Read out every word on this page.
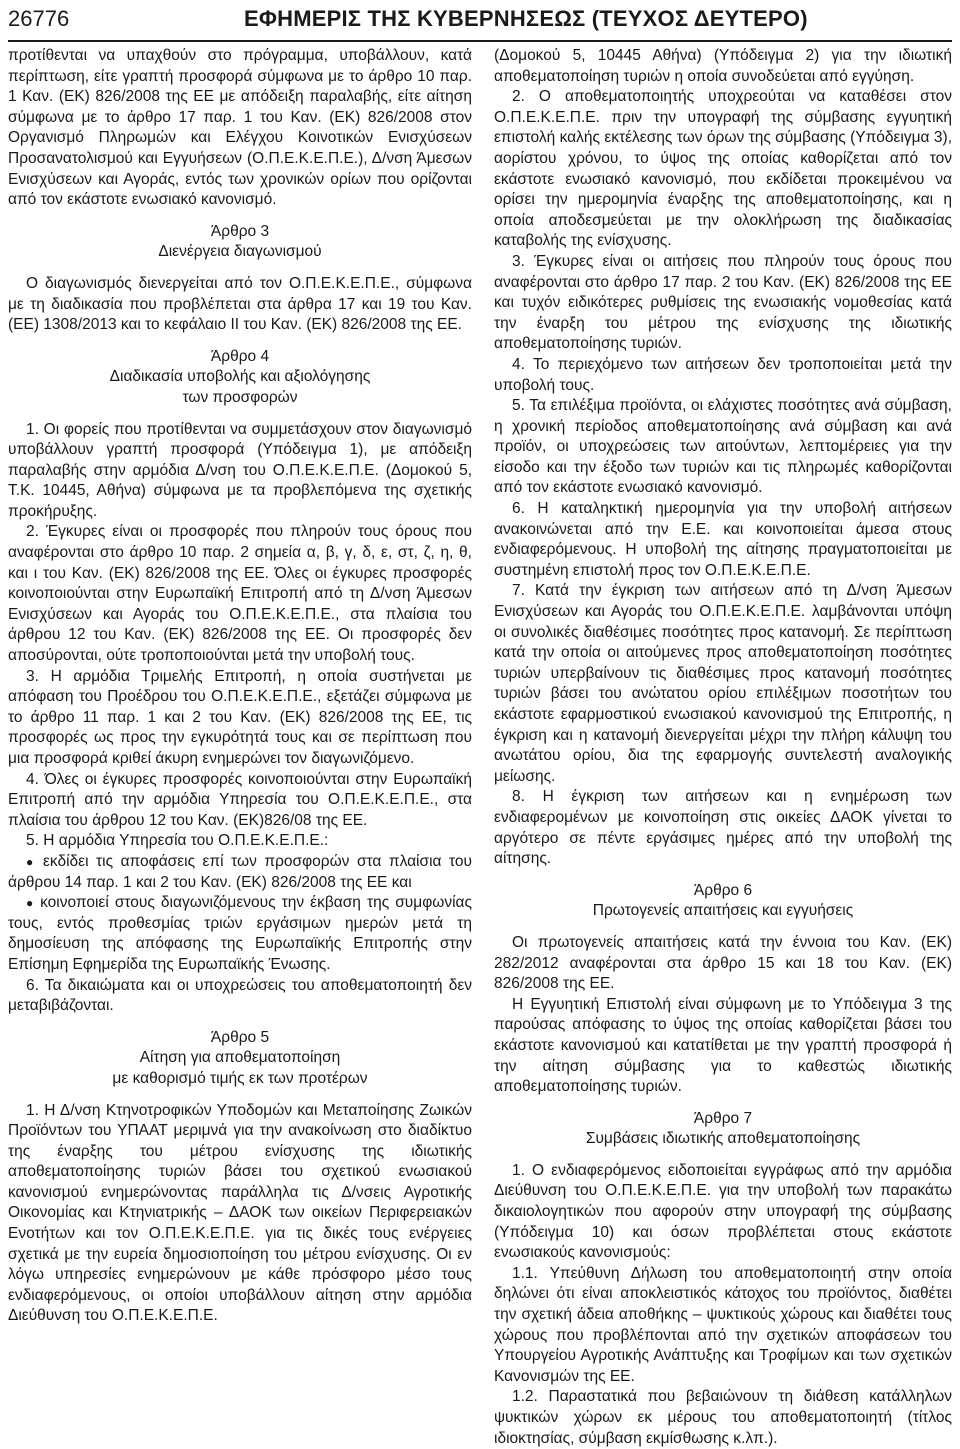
26776	ΕΦΗΜΕΡΙΣ ΤΗΣ ΚΥΒΕΡΝΗΣΕΩΣ (ΤΕΥΧΟΣ ΔΕΥΤΕΡΟ)

προτίθενται να υπαχθούν στο πρόγραμμα, υποβάλλουν, κατά περίπτωση, είτε γραπτή προσφορά σύμφωνα με το άρθρο 10 παρ. 1 Καν. (ΕΚ) 826/2008 της ΕΕ με απόδειξη παραλαβής, είτε αίτηση σύμφωνα με το άρθρο 17 παρ. 1 του Καν. (ΕΚ) 826/2008 στον Οργανισμό Πληρωμών και Ελέγχου Κοινοτικών Ενισχύσεων Προσανατολισμού και Εγγυήσεων (Ο.Π.Ε.Κ.Ε.Π.Ε.), Δ/νση Άμεσων Ενισχύσεων και Αγοράς, εντός των χρονικών ορίων που ορίζονται από τον εκάστοτε ενωσιακό κανονισμό.

Άρθρο 3

Διενέργεια διαγωνισμού

Ο διαγωνισμός διενεργείται από τον Ο.Π.Ε.Κ.Ε.Π.Ε., σύμφωνα με τη διαδικασία που προβλέπεται στα άρθρα 17 και 19 του Καν. (ΕΕ) 1308/2013 και το κεφάλαιο II του Καν. (ΕΚ) 826/2008 της ΕΕ.

Άρθρο 4

Διαδικασία υποβολής και αξιολόγησης

των προσφορών

1. Οι φορείς που προτίθενται να συμμετάσχουν στον διαγωνισμό υποβάλλουν γραπτή προσφορά (Υπόδειγμα 1), με απόδειξη παραλαβής στην αρμόδια Δ/νση του Ο.Π.Ε.Κ.Ε.Π.Ε. (Δομοκού 5, Τ.Κ. 10445, Αθήνα) σύμφωνα με τα προβλεπόμενα της σχετικής προκήρυξης.

2. Έγκυρες είναι οι προσφορές που πληρούν τους όρους που αναφέρονται στο άρθρο 10 παρ. 2 σημεία α, β, γ, δ, ε, στ, ζ, η, θ, και ι του Καν. (ΕΚ) 826/2008 της ΕΕ. Όλες οι έγκυρες προσφορές κοινοποιούνται στην Ευρωπαϊκή Επιτροπή από τη Δ/νση Άμεσων Ενισχύσεων και Αγοράς του Ο.Π.Ε.Κ.Ε.Π.Ε., στα πλαίσια του άρθρου 12 του Καν. (ΕΚ) 826/2008 της ΕΕ. Οι προσφορές δεν αποσύρονται, ούτε τροποποιούνται μετά την υποβολή τους.

3. Η αρμόδια Τριμελής Επιτροπή, η οποία συστήνεται με απόφαση του Προέδρου του Ο.Π.Ε.Κ.Ε.Π.Ε., εξετάζει σύμφωνα με το άρθρο 11 παρ. 1 και 2 του Καν. (ΕΚ) 826/2008 της ΕΕ, τις προσφορές ως προς την εγκυρότητά τους και σε περίπτωση που μια προσφορά κριθεί άκυρη ενημερώνει τον διαγωνιζόμενο.

4. Όλες οι έγκυρες προσφορές κοινοποιούνται στην Ευρωπαϊκή Επιτροπή από την αρμόδια Υπηρεσία του Ο.Π.Ε.Κ.Ε.Π.Ε., στα πλαίσια του άρθρου 12 του Καν. (ΕΚ)826/08 της ΕΕ.

5. Η αρμόδια Υπηρεσία του Ο.Π.Ε.Κ.Ε.Π.Ε.:

● εκδίδει τις αποφάσεις επί των προσφορών στα πλαίσια του άρθρου 14 παρ. 1 και 2 του Καν. (ΕΚ) 826/2008 της ΕΕ και

● κοινοποιεί στους διαγωνιζόμενους την έκβαση της συμφωνίας τους, εντός προθεσμίας τριών εργάσιμων ημερών μετά τη δημοσίευση της απόφασης της Ευρωπαϊκής Επιτροπής στην Επίσημη Εφημερίδα της Ευρωπαϊκής Ένωσης.

6. Τα δικαιώματα και οι υποχρεώσεις του αποθεματοποιητή δεν μεταβιβάζονται.

Άρθρο 5

Αίτηση για αποθεματοποίηση

με καθορισμό τιμής εκ των προτέρων

1. Η Δ/νση Κτηνοτροφικών Υποδομών και Μεταποίησης Ζωικών Προϊόντων του ΥΠΑΑΤ μεριμνά για την ανακοίνωση στο διαδίκτυο της έναρξης του μέτρου ενίσχυσης της ιδιωτικής αποθεματοποίησης τυριών βάσει του σχετικού ενωσιακού κανονισμού ενημερώνοντας παράλληλα τις Δ/νσεις Αγροτικής Οικονομίας και Κτηνιατρικής – ΔΑΟΚ των οικείων Περιφερειακών Ενοτήτων και τον Ο.Π.Ε.Κ.Ε.Π.Ε. για τις δικές τους ενέργειες σχετικά με την ευρεία δημοσιοποίηση του μέτρου ενίσχυσης. Οι εν λόγω υπηρεσίες ενημερώνουν με κάθε πρόσφορο μέσο τους ενδιαφερόμενους, οι οποίοι υποβάλλουν αίτηση στην αρμόδια Διεύθυνση του Ο.Π.Ε.Κ.Ε.Π.Ε.

(Δομοκού 5, 10445 Αθήνα) (Υπόδειγμα 2) για την ιδιωτική αποθεματοποίηση τυριών η οποία συνοδεύεται από εγγύηση.

2. Ο αποθεματοποιητής υποχρεούται να καταθέσει στον Ο.Π.Ε.Κ.Ε.Π.Ε. πριν την υπογραφή της σύμβασης εγγυητική επιστολή καλής εκτέλεσης των όρων της σύμβασης (Υπόδειγμα 3), αορίστου χρόνου, το ύψος της οποίας καθορίζεται από τον εκάστοτε ενωσιακό κανονισμό, που εκδίδεται προκειμένου να ορίσει την ημερομηνία έναρξης της αποθεματοποίησης, και η οποία αποδεσμεύεται με την ολοκλήρωση της διαδικασίας καταβολής της ενίσχυσης.

3. Έγκυρες είναι οι αιτήσεις που πληρούν τους όρους που αναφέρονται στο άρθρο 17 παρ. 2 του Καν. (ΕΚ) 826/2008 της ΕΕ και τυχόν ειδικότερες ρυθμίσεις της ενωσιακής νομοθεσίας κατά την έναρξη του μέτρου της ενίσχυσης της ιδιωτικής αποθεματοποίησης τυριών.

4. Το περιεχόμενο των αιτήσεων δεν τροποποιείται μετά την υποβολή τους.

5. Τα επιλέξιμα προϊόντα, οι ελάχιστες ποσότητες ανά σύμβαση, η χρονική περίοδος αποθεματοποίησης ανά σύμβαση και ανά προϊόν, οι υποχρεώσεις των αιτούντων, λεπτομέρειες για την είσοδο και την έξοδο των τυριών και τις πληρωμές καθορίζονται από τον εκάστοτε ενωσιακό κανονισμό.

6. Η καταληκτική ημερομηνία για την υποβολή αιτήσεων ανακοινώνεται από την Ε.Ε. και κοινοποιείται άμεσα στους ενδιαφερόμενους. Η υποβολή της αίτησης πραγματοποιείται με συστημένη επιστολή προς τον Ο.Π.Ε.Κ.Ε.Π.Ε.

7. Κατά την έγκριση των αιτήσεων από τη Δ/νση Άμεσων Ενισχύσεων και Αγοράς του Ο.Π.Ε.Κ.Ε.Π.Ε. λαμβάνονται υπόψη οι συνολικές διαθέσιμες ποσότητες προς κατανομή. Σε περίπτωση κατά την οποία οι αιτούμενες προς αποθεματοποίηση ποσότητες τυριών υπερβαίνουν τις διαθέσιμες προς κατανομή ποσότητες τυριών βάσει του ανώτατου ορίου επιλέξιμων ποσοτήτων του εκάστοτε εφαρμοστικού ενωσιακού κανονισμού της Επιτροπής, η έγκριση και η κατανομή διενεργείται μέχρι την πλήρη κάλυψη του ανωτάτου ορίου, δια της εφαρμογής συντελεστή αναλογικής μείωσης.

8. Η έγκριση των αιτήσεων και η ενημέρωση των ενδιαφερομένων με κοινοποίηση στις οικείες ΔΑΟΚ γίνεται το αργότερο σε πέντε εργάσιμες ημέρες από την υποβολή της αίτησης.

Άρθρο 6

Πρωτογενείς απαιτήσεις και εγγυήσεις

Οι πρωτογενείς απαιτήσεις κατά την έννοια του Καν. (ΕΚ) 282/2012 αναφέρονται στα άρθρο 15 και 18 του Καν. (ΕΚ) 826/2008 της ΕΕ.

Η Εγγυητική Επιστολή είναι σύμφωνη με το Υπόδειγμα 3 της παρούσας απόφασης το ύψος της οποίας καθορίζεται βάσει του εκάστοτε κανονισμού και κατατίθεται με την γραπτή προσφορά ή την αίτηση σύμβασης για το καθεστώς ιδιωτικής αποθεματοποίησης τυριών.

Άρθρο 7

Συμβάσεις ιδιωτικής αποθεματοποίησης

1. Ο ενδιαφερόμενος ειδοποιείται εγγράφως από την αρμόδια Διεύθυνση του Ο.Π.Ε.Κ.Ε.Π.Ε. για την υποβολή των παρακάτω δικαιολογητικών που αφορούν στην υπογραφή της σύμβασης (Υπόδειγμα 10) και όσων προβλέπεται στους εκάστοτε ενωσιακούς κανονισμούς:

1.1. Υπεύθυνη Δήλωση του αποθεματοποιητή στην οποία δηλώνει ότι είναι αποκλειστικός κάτοχος του προϊόντος, διαθέτει την σχετική άδεια αποθήκης – ψυκτικούς χώρους και διαθέτει τους χώρους που προβλέπονται από την σχετικών αποφάσεων του Υπουργείου Αγροτικής Ανάπτυξης και Τροφίμων και των σχετικών Κανονισμών της ΕΕ.

1.2. Παραστατικά που βεβαιώνουν τη διάθεση κατάλληλων ψυκτικών χώρων εκ μέρους του αποθεματοποιητή (τίτλος ιδιοκτησίας, σύμβαση εκμίσθωσης κ.λπ.).
